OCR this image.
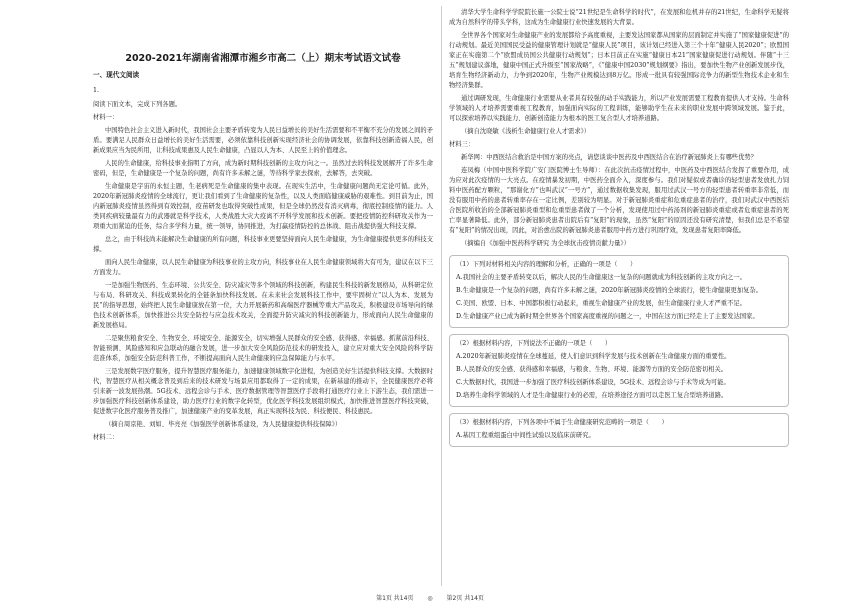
2020-2021年湖南省湘潭市湘乡市高二（上）期末考试语文试卷
一、现代文阅读

1.

阅读下面文本，完成下列各题。

材料一：

中国特色社会主义进入新时代，我国社会主要矛盾转变为人民日益增长的美好生活需要和不平衡不充分的发展之间的矛盾。要满足人民群众日益增长的美好生活需要，必须依靠科技创新实现经济社会的协调发展，依靠科技创新造福人民，创新成果应当为民所用，让科技成果惠及人民生命健康，凸显以人为本、人民至上的价值理念。

人民的生命健康，给科技事业指明了方向，成为新时期科技创新的主攻方向之一。虽然过去的科技发展解开了许多生命密码，但是，生命健康是一个复杂的问题，尚有许多未解之谜，等待科学家去探索，去解答，去突破。

生命健康是宇宙的永恒主题，生老病死是生命健康的集中表现。在现实生活中，生命健康问题尚无定论可循。此外，2020年新冠肺炎疫情的全球流行，更让我们看到了生命健康的复杂性，以及人类面临健康威胁的艰难性。到目前为止，国内新冠肺炎疫情虽然得到有效控制，疫苗研发也取得突破性成果，但是全球仍然没有消灭病毒，彻底控制疫情的能力。人类同疾病较量最有力的武器就是科学技术，人类战胜大灾大疫离不开科学发展和技术创新。要把疫情防控科研攻关作为一项重大而紧迫的任务，综合多学科力量，统一领导，协同推进，为打赢疫情防控的总体战、阻击战提供强大科技支撑。

总之，由于科技尚未能解决生命健康的所有问题，科技事业更要坚持面向人民生命健康，为生命健康提供更多的科技支撑。

面向人民生命健康，以人民生命健康为科技事业的主攻方向，科技事业在人民生命健康领域将大有可为，建议在以下三方面发力。

一是加强生物医药、生态环境、公共安全、防灾减灾等多个领域的科技创新，构建民生科技的新发展格局，从科研定位与布局、科研攻关、科技成果转化的全链条加快科技发展。在未来社会发展科技工作中，要牢固树立“以人为本、发展为民”的指导思想，始终把人民生命健康放在第一位，大力开展新药和高端医疗器械等重大产品攻关，积极建设市场导向的绿色技术创新体系，加快推进公共安全防控与应急技术攻关，全面提升防灾减灾的科技创新能力，形成面向人民生命健康的新发展格局。

二是聚焦粮食安全、生物安全、环境安全、能源安全，切实增强人民群众的安全感、获得感、幸福感。抓紧前沿科技、智能预测、风险感知和应急联动的融合发展，进一步加大安全风险防范技术的研发投入，建立应对重大安全风险的科学防范准体系，加强安全防范科普工作，不断提高面向人民生命健康的应急保障能力与水平。

三是发展数字医疗服务，提升智慧医疗服务能力，加速健康领域数字化进程，为创造美好生活提供科技支撑。大数据时代，智慧医疗从相关概念普及到后来的技术研发与场景应用都取得了一定的成果，在新基建的推动下，全民健康医疗必将引来新一波发展热潮。5G技术、远程会诊与手术、医疗数据管理等智慧医疗手段将打通医疗行业上下游生态，我们需进一步加强医疗科技创新体系建设，助力医疗行业的数字化转型，优化医学科技发展组织模式，加快推进智慧医疗科技突破，促进数字化医疗服务普及推广，加速健康产业的变革发展，真正实现科技为民、科技便民、科技惠民。

（摘自周京艳、刘如、毕亮亮《加强医学创新体系建设，为人民健康提供科技保障》）

材料二：

清华大学生命科学学院院长施一公院士说“21世纪是生命科学的时代”，在发展和危机并存的21世纪，生命科学无疑将成为自然科学的带头学科，这成为生命健康行业快速发展的大背景。

全世界各个国家对生命健康产业的发展都给予高度重视，主要发达国家都从国家的层面制定并实施了“国家健康促进”的行动规划。最近美国国民受益的健康管理计划就是“健康人民”项目，该计划已经进入第三个十年“健康人民2020”；欧盟国家正在实施第二个“欧盟成员国公共健康行动规划”；日本目前正在实施“健康日本21”国家健康促进行动规划。伴随“十三五”规划建议落地，健康中国正式升级至“国家战略”，《“健康中国2030”规划纲要》指出，要加快生物产业创新发展步伐，培育生物经济新动力，力争到2020年，生物产业规模达到8万亿。形成一批具有较强国际竞争力的新型生物技术企业和生物经济集群。

通过调研发现，生命健康行业需要从业者具有较强的动手实践能力，所以产业发展需要工程教育提供人才支持。生命科学领域的人才培养需要重视工程教育，加强面向实际的工程训练，能够助学生在未来的职业发展中跨领域发展。鉴于此，可以探索培养以实践能力、创新创造能力为根本的医工复合型人才培养道路。

（摘自沈晓敏《浅析生命健康行业人才需求》）

材料三：

新华网：中西医结合救治是中国方案的亮点，请您谈谈中医药及中西医结合在治疗新冠肺炎上有哪些优势？

连凤梅（中国中医科学院广安门医院博士生导师）：在此次抗击疫情过程中，中医药及中西医结合发挥了重要作用，成为应对此次疫情的一大亮点。在疫情暴发初期，中医药全面介入，深度参与。我们对疑似或者确诊的轻型患者发放扎力饲料中医药配方颗粒，“那谢化方”也叫武汉“一号方”，通过数据收集发现，服用过武汉一号方的轻型患者转重率非常低，而没有服用中药的患者转重率存在一定比例，差别较为明显。对于新冠肺炎重症和危重症患者的治疗，我们对武汉中西医结合医院所收治的全部新冠肺炎重型和危重型患者做了一个分析，发现使用过中药汤剂的新冠肺炎重症或者危重症患者的死亡率显著降低。此外，部分新冠肺炎患者出院后有“复阳”的现象，虽然“复阳”的原因还没有研究清楚，但我们总是不希望有“复阳”的情况出现，因此，对治愈出院的新冠肺炎患者服用中药方进行巩固疗效，发现患者复阳率降低。

（摘编自《加强中医药科学研究 为全球抗击疫情贡献力量》）

（1）下列对材料相关内容的理解和分析，正确的一项是（　　）

A.我国社会的主要矛盾转变以后，解决人民的生命健康这一复杂的问题就成为科技创新的主攻方向之一。

B.生命健康是一个复杂的问题，尚有许多未解之谜，2020年新冠肺炎疫情的全球流行，使生命健康更加复杂。

C.美国、欧盟、日本、中国都积极行动起来，重视生命健康产业的发展，但生命健康行业人才严重不足。

D.生命健康产业已成为新时期全世界各个国家高度重视的问题之一，中国在这方面已经走上了主要发达国家。

（2）根据材料内容，下列说法不正确的一项是（　　）

A.2020年新冠肺炎疫情在全球蔓延，使人们意识到科学发展与技术创新在生命健康方面的重要性。

B.人民群众的安全感、获得感和幸福感，与粮食、生物、环境、能源等方面的安全防范密切相关。

C.大数据时代，我国进一步加强了医疗科技创新体系建设，5G技术、远程会诊与手术等成为可能。

D.培养生命科学领域的人才是生命健康行业的必需，在培养途径方面可以走医工复合型培养道路。

（3）根据材料内容，下列各项中不属于生命健康研究范畴的一项是（　　）

A.基因工程重组蛋白中间性试验以及临床前研究。

第1页 共14页 ◎ 第2页 共14页
